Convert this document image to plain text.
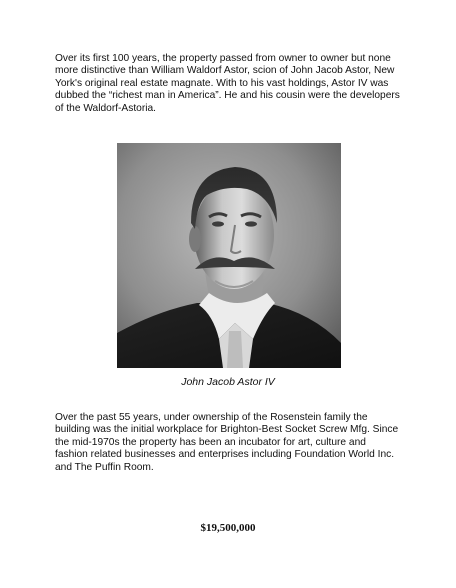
Over its first 100 years, the property passed from owner to owner but none more distinctive than William Waldorf Astor, scion of John Jacob Astor, New York's original real estate magnate. With to his vast holdings, Astor IV was dubbed the “richest man in America”. He and his cousin were the developers of the Waldorf-Astoria.

John Jacob Astor IV

Over the past 55 years, under ownership of the Rosenstein family the building was the initial workplace for Brighton-Best Socket Screw Mfg. Since the mid-1970s the property has been an incubator for art, culture and fashion related businesses and enterprises including Foundation World Inc. and The Puffin Room.

$19,500,000
